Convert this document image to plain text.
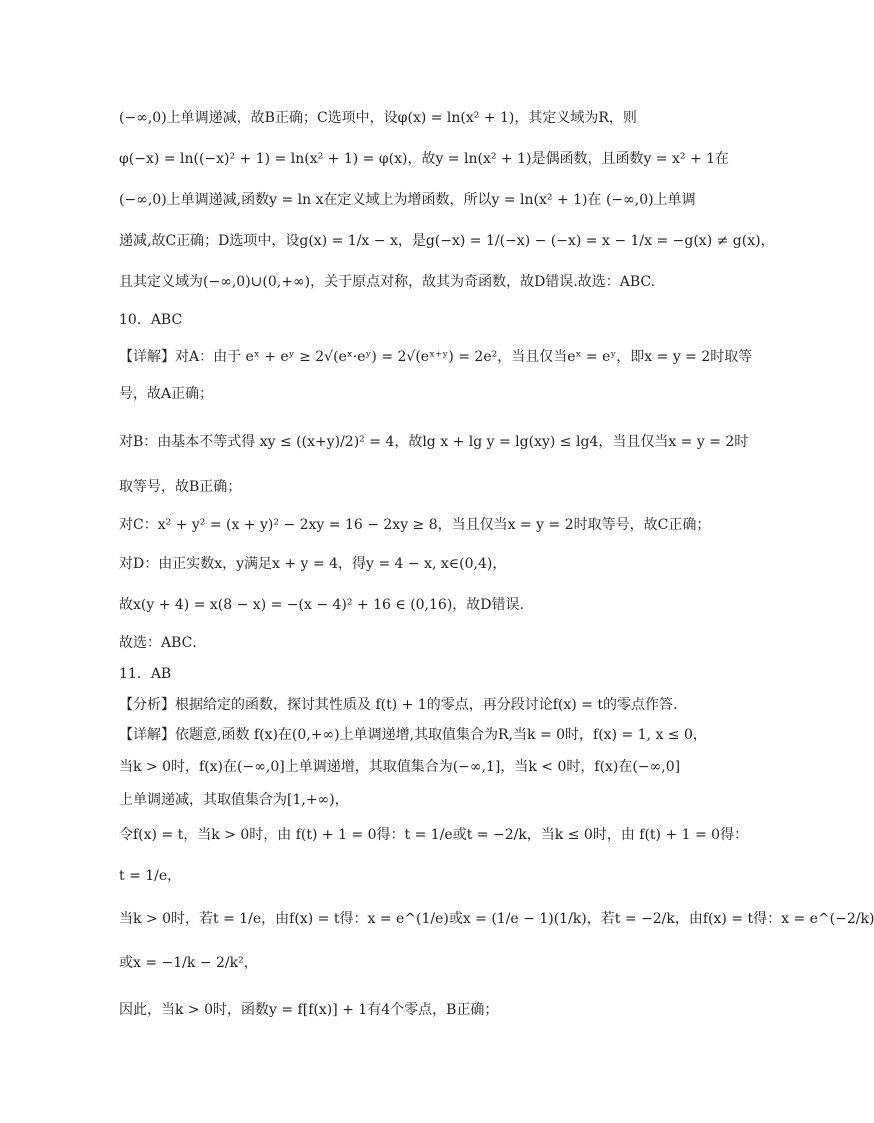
(−∞,0)上单调递减，故B正确；C选项中，设φ(x) = ln(x² + 1)，其定义域为R，则
φ(−x) = ln((−x)² + 1) = ln(x² + 1) = φ(x)，故y = ln(x² + 1)是偶函数，且函数y = x² + 1在
(−∞,0)上单调递减,函数y = ln x在定义域上为增函数，所以y = ln(x² + 1)在 (−∞,0)上单调
递减,故C正确；D选项中，设g(x) = 1/x − x，是g(−x) = 1/(−x) − (−x) = x − 1/x = −g(x) ≠ g(x)，
且其定义域为(−∞,0)∪(0,+∞)，关于原点对称，故其为奇函数，故D错误.故选：ABC.
10．ABC
【详解】对A：由于 eˣ + eʸ ≥ 2√(eˣ·eʸ) = 2√(eˣ⁺ʸ) = 2e²，当且仅当eˣ = eʸ，即x = y = 2时取等
号，故A正确；
对B：由基本不等式得 xy ≤ ((x+y)/2)² = 4，故lg x + lg y = lg(xy) ≤ lg4，当且仅当x = y = 2时
取等号，故B正确；
对C：x² + y² = (x + y)² − 2xy = 16 − 2xy ≥ 8，当且仅当x = y = 2时取等号，故C正确；
对D：由正实数x，y满足x + y = 4，得y = 4 − x, x∈(0,4)，
故x(y + 4) = x(8 − x) = −(x − 4)² + 16 ∈ (0,16)，故D错误.
故选：ABC．
11．AB
【分析】根据给定的函数，探讨其性质及 f(t) + 1的零点，再分段讨论f(x) = t的零点作答.
【详解】依题意,函数 f(x)在(0,+∞)上单调递增,其取值集合为R,当k = 0时，f(x) = 1, x ≤ 0，
当k > 0时，f(x)在(−∞,0]上单调递增，其取值集合为(−∞,1]，当k < 0时，f(x)在(−∞,0]
上单调递减，其取值集合为[1,+∞)，
令f(x) = t，当k > 0时，由 f(t) + 1 = 0得：t = 1/e或t = −2/k，当k ≤ 0时，由 f(t) + 1 = 0得：
t = 1/e，
当k > 0时，若t = 1/e，由f(x) = t得：x = e^(1/e)或x = (1/e − 1)(1/k)，若t = −2/k，由f(x) = t得：x = e^(−2/k)
或x = −1/k − 2/k²，
因此，当k > 0时，函数y = f[f(x)] + 1有4个零点，B正确；
